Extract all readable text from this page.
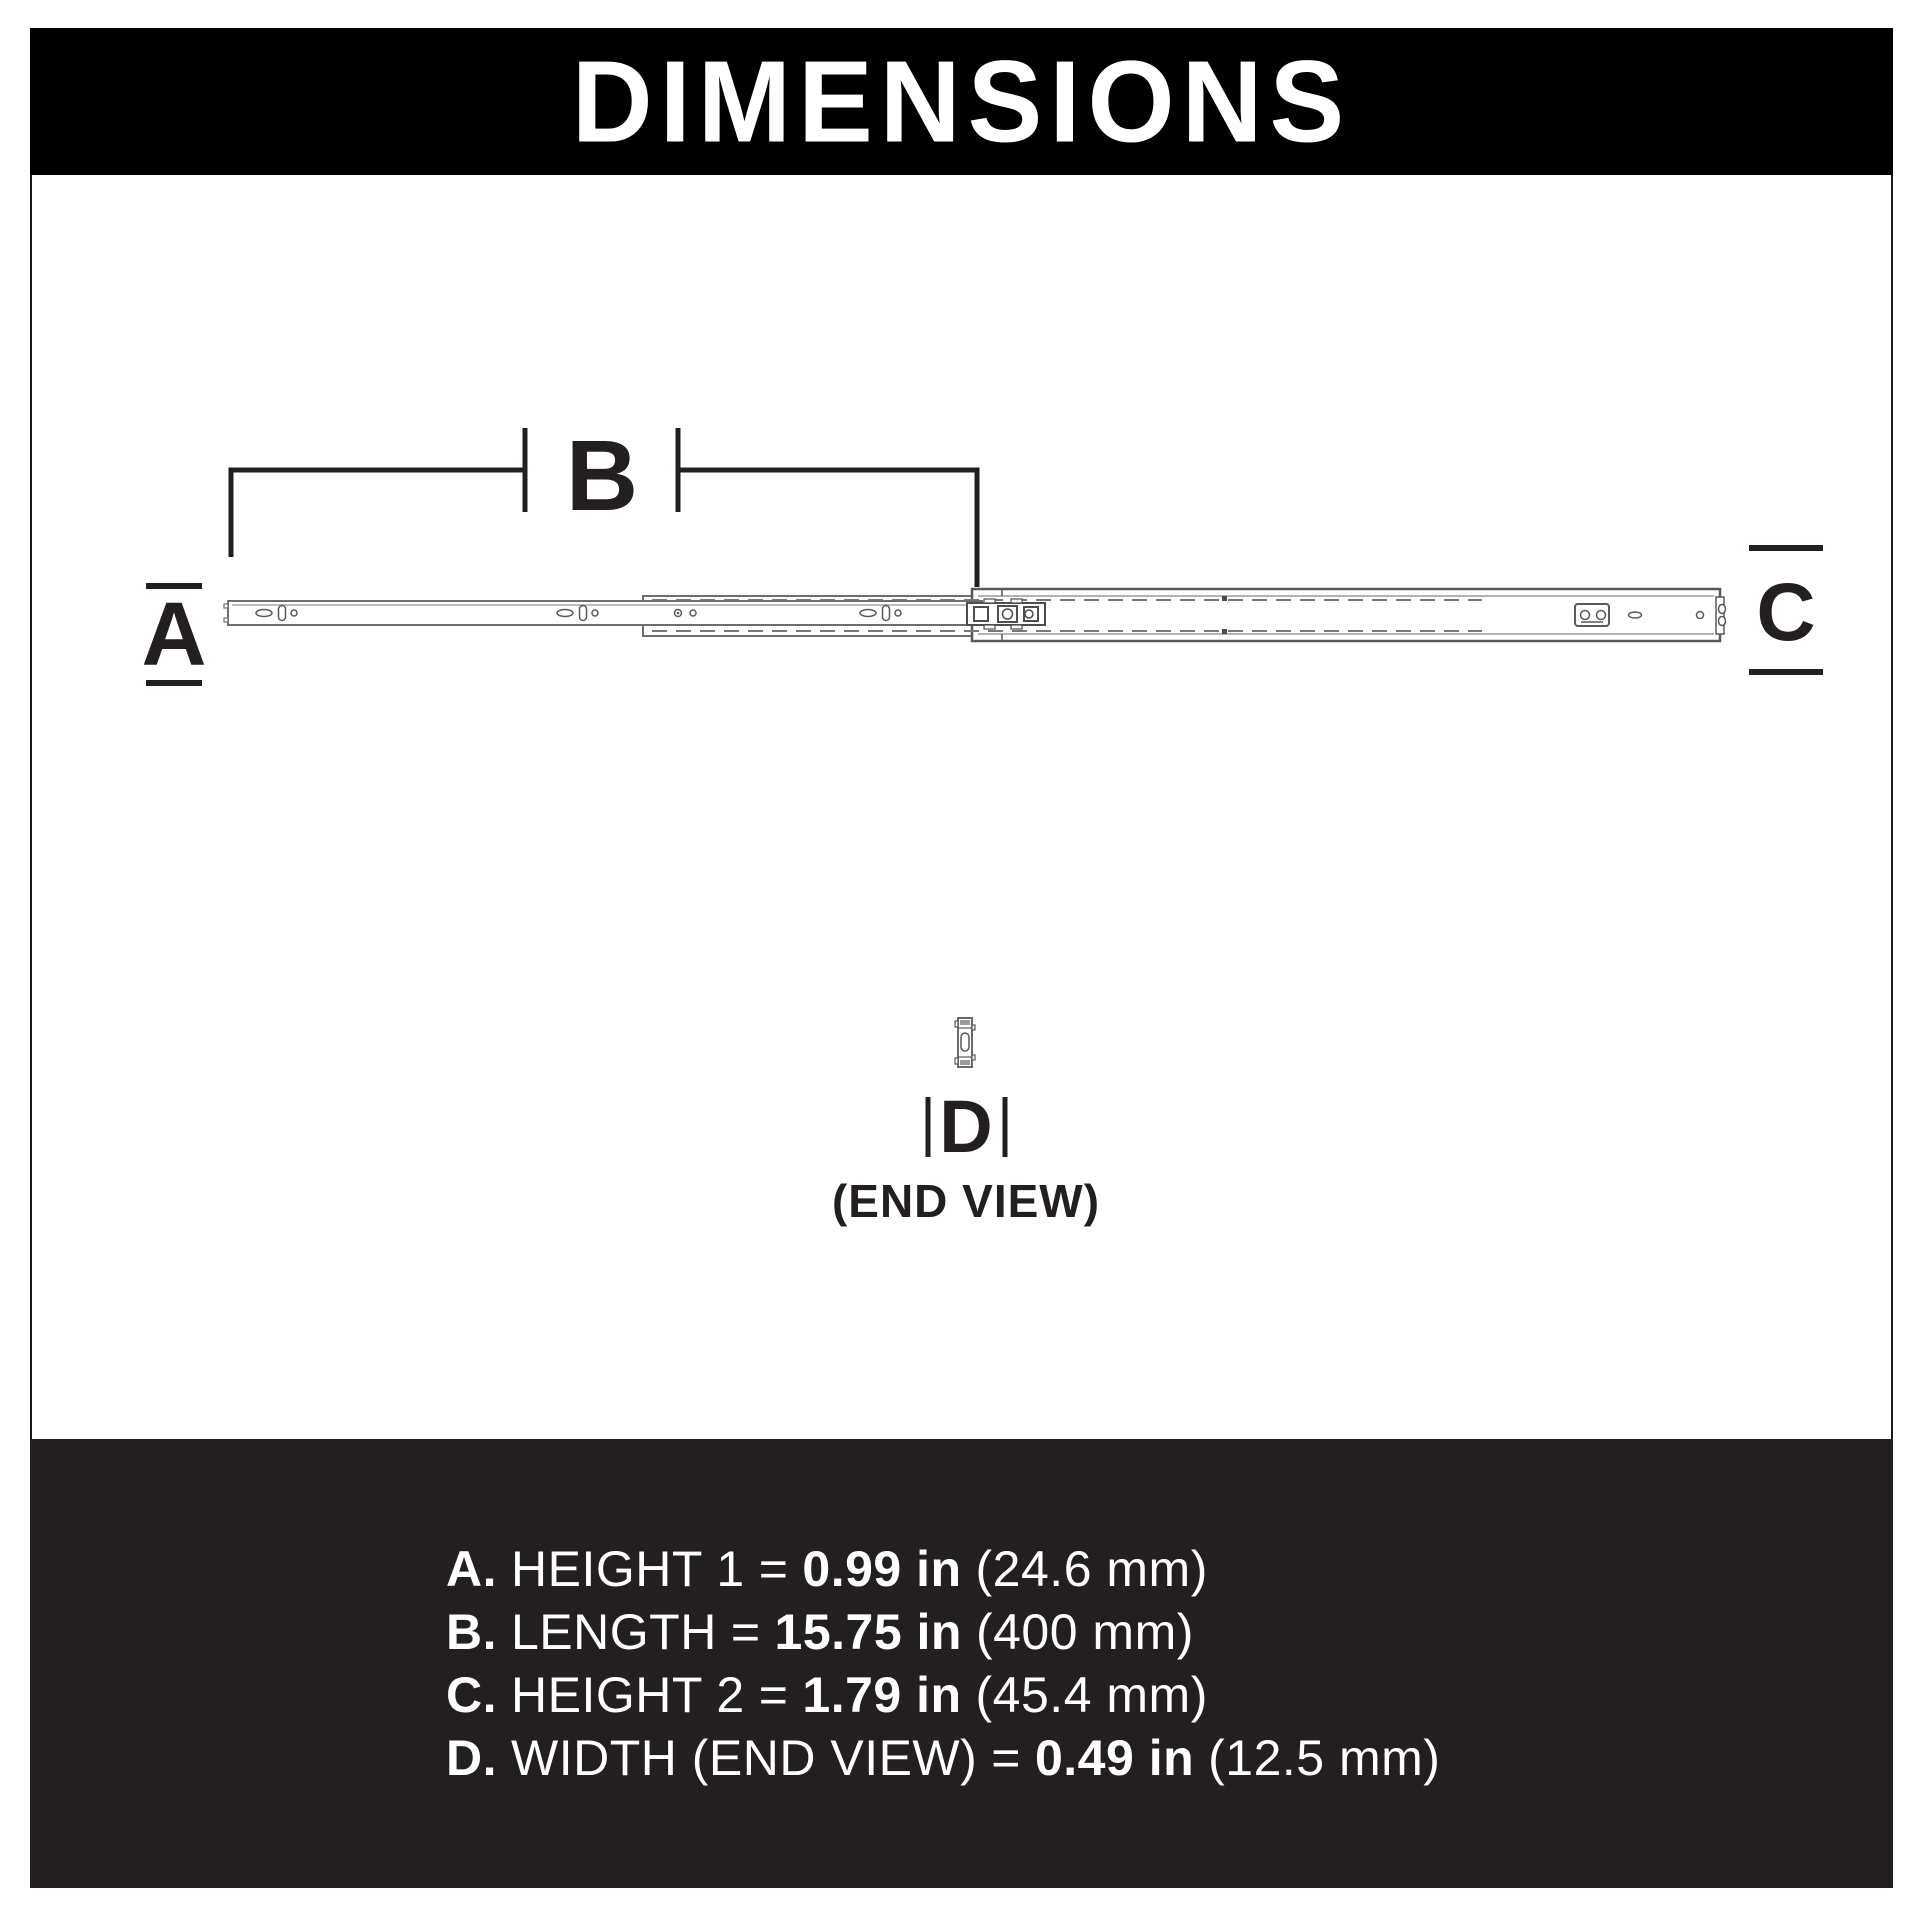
DIMENSIONS
B
A	C
D
(END VIEW)
A. HEIGHT 1 = 0.99 in (24.6 mm)
B. LENGTH = 15.75 in (400 mm)
C. HEIGHT 2 = 1.79 in (45.4 mm)
D. WIDTH (END VIEW) = 0.49 in (12.5 mm)
